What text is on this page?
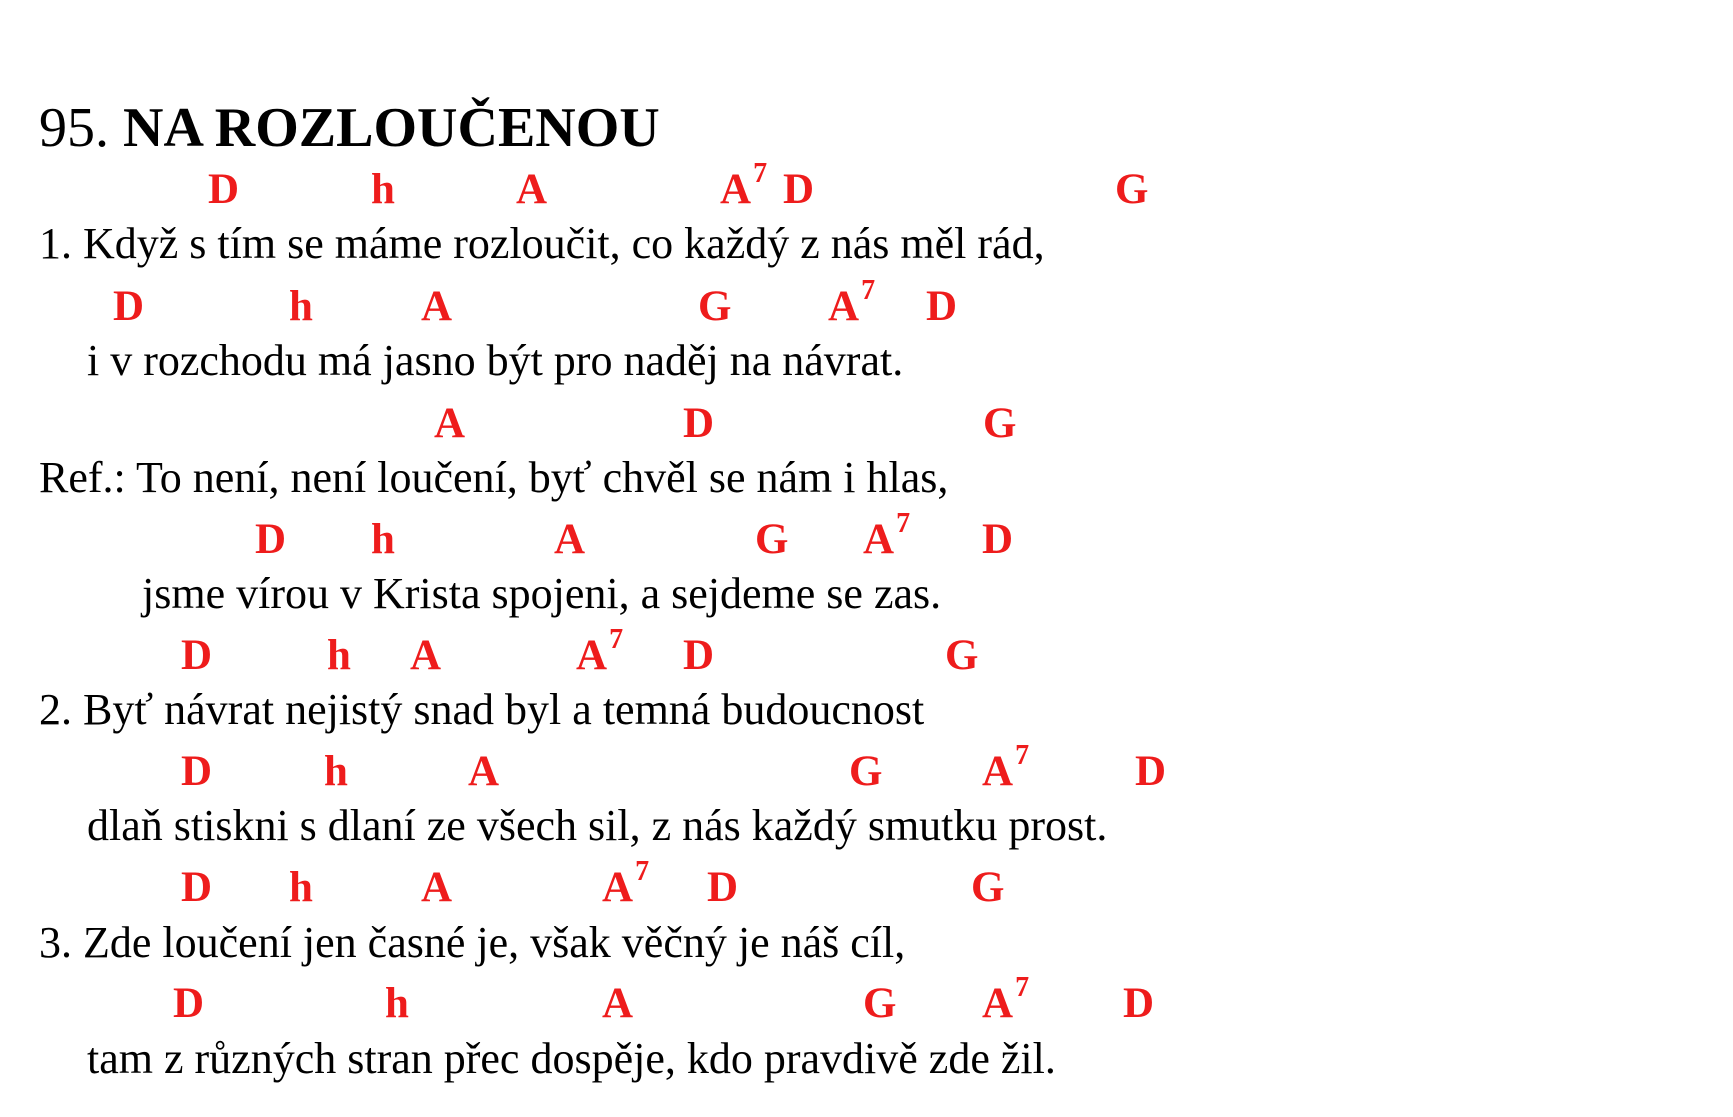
95. NA ROZLOUČENOU
D	h	A	$A^7$ D	G
1. Když s tím se máme rozloučit, co každý z nás měl rád,
D	h	A	G $A^7$ D
i v rozchodu má jasno být pro naděj na návrat.
A	D	G
Ref.: To není, není loučení, byť chvěl se nám i hlas,
D h	A	G $A^7$ D
jsme vírou v Krista spojeni, a sejdeme se zas.
D	h A	$A^7$ D	G
2. Byť návrat nejistý snad byl a temná budoucnost
D	h	A	G $A^7$ D
dlaň stiskni s dlaní ze všech sil, z nás každý smutku prost.
D h	A	$A^7$ D	G
3. Zde loučení jen časné je, však věčný je náš cíl,
D	h	A	G $A^7$ D
tam z různých stran přec dospěje, kdo pravdivě zde žil.
